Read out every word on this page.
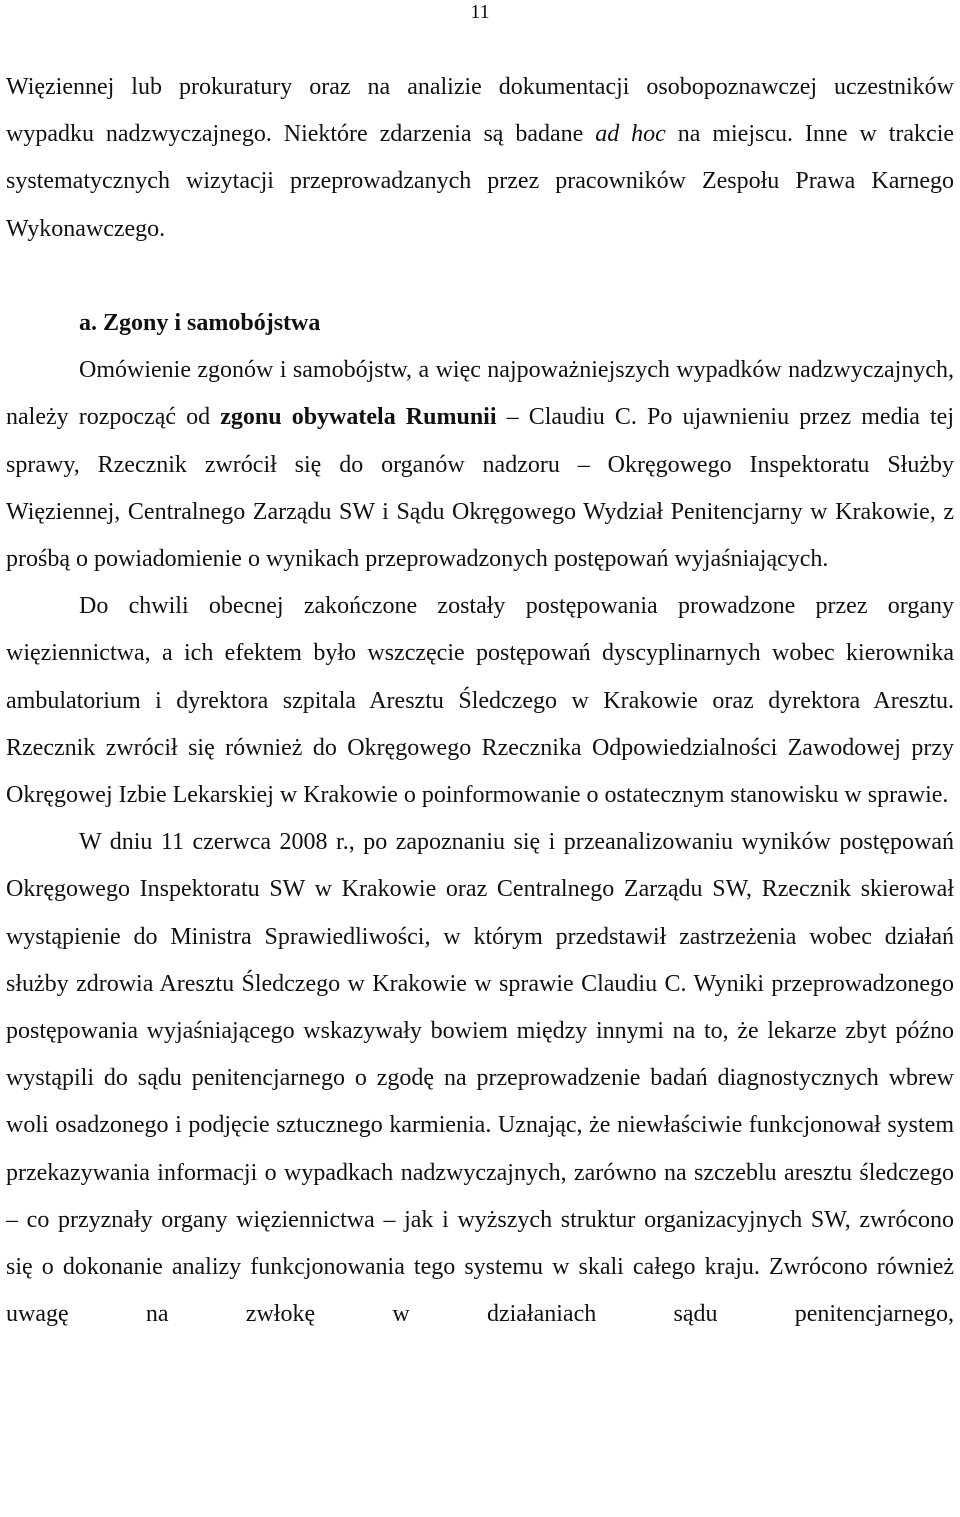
11

Więziennej lub prokuratury oraz na analizie dokumentacji osobopoznawczej uczestników wypadku nadzwyczajnego. Niektóre zdarzenia są badane ad hoc na miejscu. Inne w trakcie systematycznych wizytacji przeprowadzanych przez pracowników Zespołu Prawa Karnego Wykonawczego.

a. Zgony i samobójstwa

Omówienie zgonów i samobójstw, a więc najpoważniejszych wypadków nadzwyczajnych, należy rozpocząć od zgonu obywatela Rumunii – Claudiu C. Po ujawnieniu przez media tej sprawy, Rzecznik zwrócił się do organów nadzoru – Okręgowego Inspektoratu Służby Więziennej, Centralnego Zarządu SW i Sądu Okręgowego Wydział Penitencjarny w Krakowie, z prośbą o powiadomienie o wynikach przeprowadzonych postępowań wyjaśniających.

Do chwili obecnej zakończone zostały postępowania prowadzone przez organy więziennictwa, a ich efektem było wszczęcie postępowań dyscyplinarnych wobec kierownika ambulatorium i dyrektora szpitala Aresztu Śledczego w Krakowie oraz dyrektora Aresztu. Rzecznik zwrócił się również do Okręgowego Rzecznika Odpowiedzialności Zawodowej przy Okręgowej Izbie Lekarskiej w Krakowie o poinformowanie o ostatecznym stanowisku w sprawie.

W dniu 11 czerwca 2008 r., po zapoznaniu się i przeanalizowaniu wyników postępowań Okręgowego Inspektoratu SW w Krakowie oraz Centralnego Zarządu SW, Rzecznik skierował wystąpienie do Ministra Sprawiedliwości, w którym przedstawił zastrzeżenia wobec działań służby zdrowia Aresztu Śledczego w Krakowie w sprawie Claudiu C. Wyniki przeprowadzonego postępowania wyjaśniającego wskazywały bowiem między innymi na to, że lekarze zbyt późno wystąpili do sądu penitencjarnego o zgodę na przeprowadzenie badań diagnostycznych wbrew woli osadzonego i podjęcie sztucznego karmienia. Uznając, że niewłaściwie funkcjonował system przekazywania informacji o wypadkach nadzwyczajnych, zarówno na szczeblu aresztu śledczego – co przyznały organy więziennictwa – jak i wyższych struktur organizacyjnych SW, zwrócono się o dokonanie analizy funkcjonowania tego systemu w skali całego kraju. Zwrócono również uwagę na zwłokę w działaniach sądu penitencjarnego,
